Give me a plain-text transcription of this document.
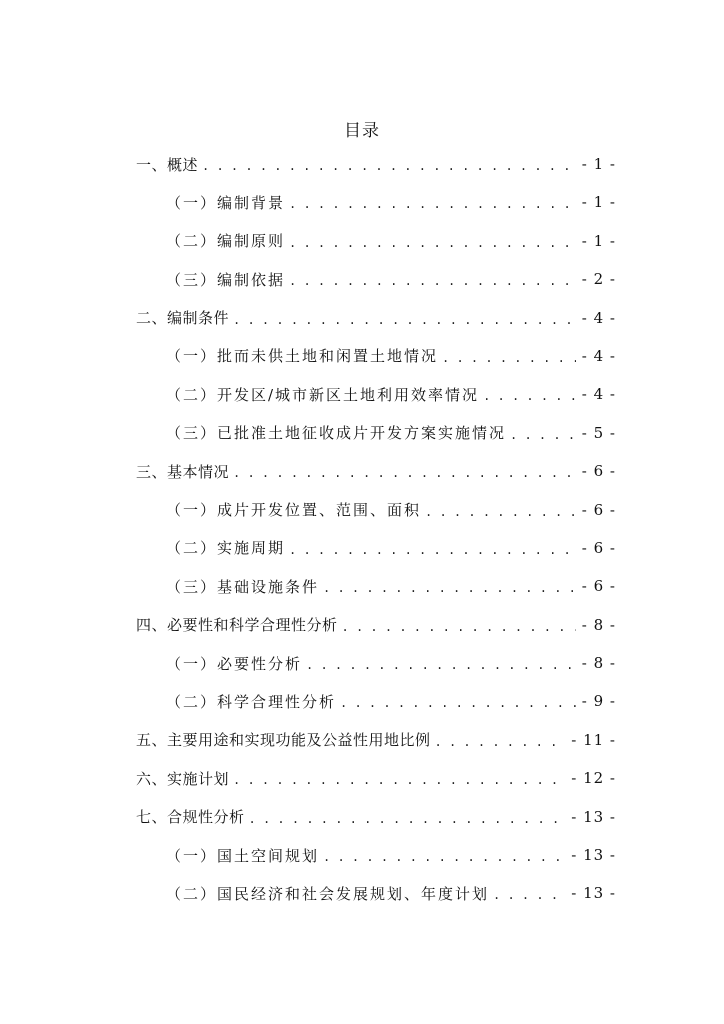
目录
一、概述 . . .	- 1 -
（一）编制背景 . . .	- 1 -
（二）编制原则 . . .	- 1 -
（三）编制依据 . . .	- 2 -
二、编制条件 . . .	- 4 -
（一）批而未供土地和闲置土地情况 . . .	- 4 -
（二）开发区/城市新区土地利用效率情况 . . .	- 4 -
（三）已批准土地征收成片开发方案实施情况 . . .	- 5 -
三、基本情况 . . .	- 6 -
（一）成片开发位置、范围、面积 . . .	- 6 -
（二）实施周期 . . .	- 6 -
（三）基础设施条件 . . .	- 6 -
四、必要性和科学合理性分析 . . .	- 8 -
（一）必要性分析 . . .	- 8 -
（二）科学合理性分析 . . .	- 9 -
五、主要用途和实现功能及公益性用地比例 . . .	- 11 -
六、实施计划 . . .	- 12 -
七、合规性分析 . . .	- 13 -
（一）国土空间规划 . . .	- 13 -
（二）国民经济和社会发展规划、年度计划 . . .	- 13 -
